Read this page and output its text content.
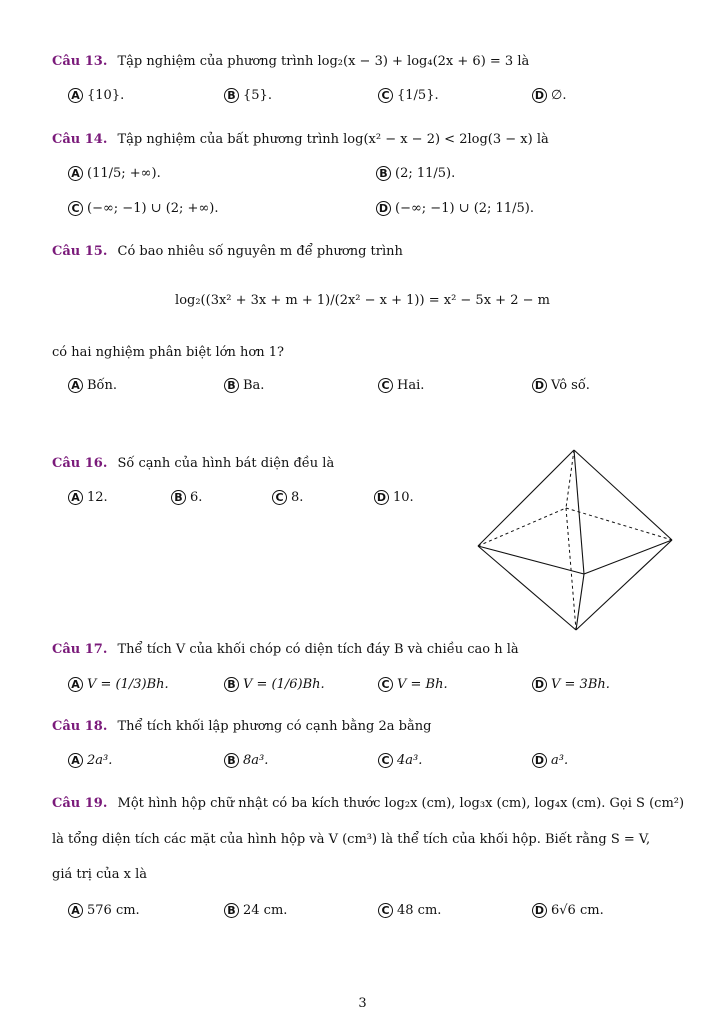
Câu 13. Tập nghiệm của phương trình log₂(x − 3) + log₄(2x + 6) = 3 là
A {10}.	B {5}.	C {1/5}.	D ∅.
Câu 14. Tập nghiệm của bất phương trình log(x² − x − 2) < 2log(3 − x) là
A (11/5; +∞).	B (2; 11/5).
C (−∞; −1) ∪ (2; +∞).	D (−∞; −1) ∪ (2; 11/5).
Câu 15. Có bao nhiêu số nguyên m để phương trình
log₂((3x² + 3x + m + 1)/(2x² − x + 1)) = x² − 5x + 2 − m
có hai nghiệm phân biệt lớn hơn 1?
A Bốn.	B Ba.	C Hai.	D Vô số.
Câu 16. Số cạnh của hình bát diện đều là
A 12.	B 6.	C 8.	D 10.
Câu 17. Thể tích V của khối chóp có diện tích đáy B và chiều cao h là
A V = (1/3)Bh.	B V = (1/6)Bh.	C V = Bh.	D V = 3Bh.
Câu 18. Thể tích khối lập phương có cạnh bằng 2a bằng
A 2a³.	B 8a³.	C 4a³.	D a³.
Câu 19. Một hình hộp chữ nhật có ba kích thước log₂x (cm), log₃x (cm), log₄x (cm). Gọi S (cm²)
là tổng diện tích các mặt của hình hộp và V (cm³) là thể tích của khối hộp. Biết rằng S = V,
giá trị của x là
A 576 cm.	B 24 cm.	C 48 cm.	D 6√6 cm.
3
